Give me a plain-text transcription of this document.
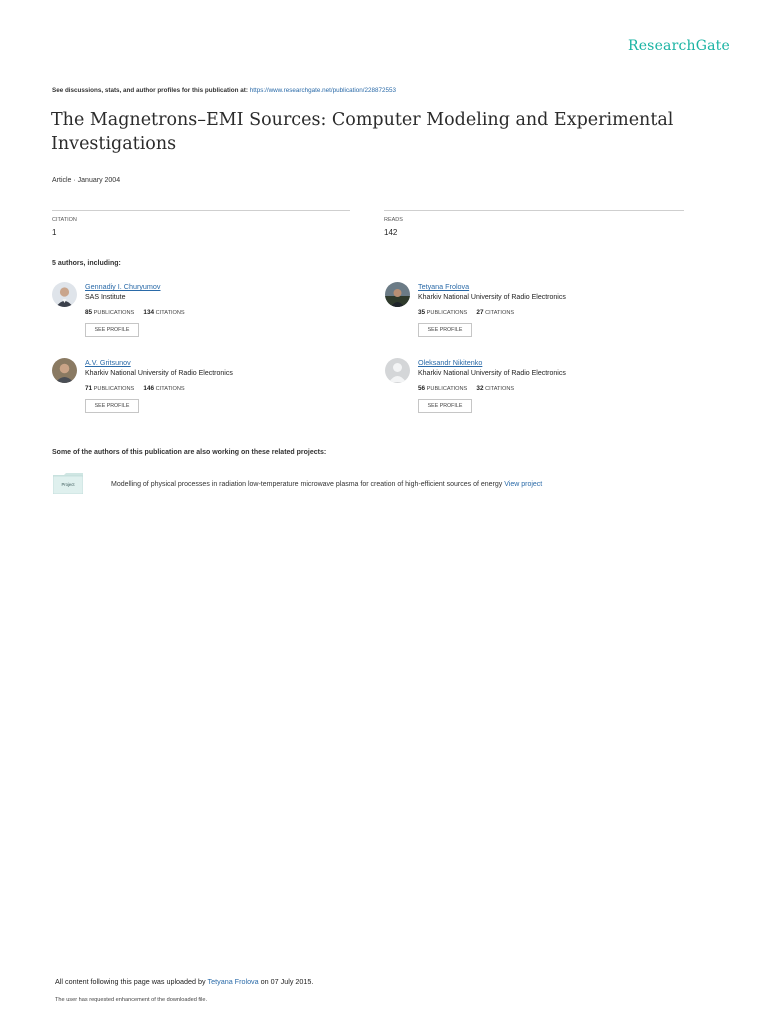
ResearchGate
See discussions, stats, and author profiles for this publication at: https://www.researchgate.net/publication/228872553
The Magnetrons–EMI Sources: Computer Modeling and Experimental Investigations
Article · January 2004
CITATION
1
READS
142
5 authors, including:
Gennadiy I. Churyumov
SAS Institute
85 PUBLICATIONS 134 CITATIONS
SEE PROFILE
Tetyana Frolova
Kharkiv National University of Radio Electronics
35 PUBLICATIONS 27 CITATIONS
SEE PROFILE
A.V. Gritsunov
Kharkiv National University of Radio Electronics
71 PUBLICATIONS 146 CITATIONS
SEE PROFILE
Oleksandr Nikitenko
Kharkiv National University of Radio Electronics
56 PUBLICATIONS 32 CITATIONS
SEE PROFILE
Some of the authors of this publication are also working on these related projects:
Project	Modelling of physical processes in radiation low-temperature microwave plasma for creation of high-efficient sources of energy View project
All content following this page was uploaded by Tetyana Frolova on 07 July 2015.
The user has requested enhancement of the downloaded file.
